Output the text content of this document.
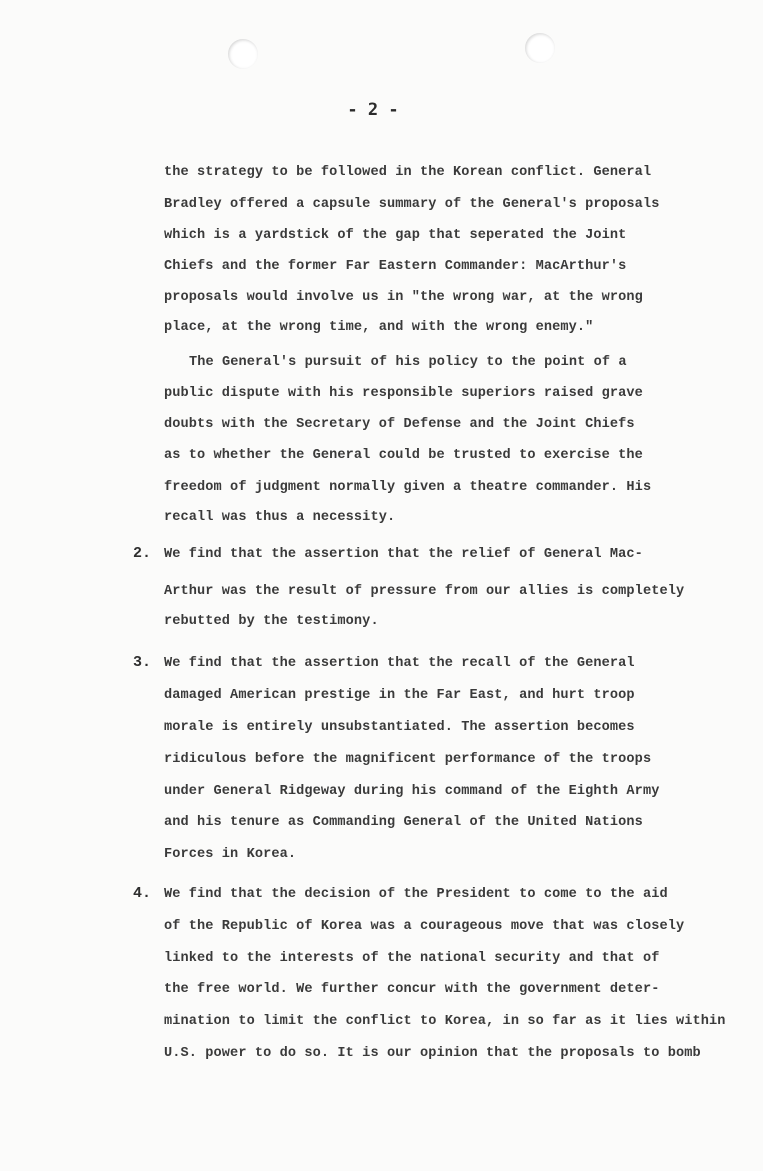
- 2 -
the strategy to be followed in the Korean conflict. General
Bradley offered a capsule summary of the General's proposals
which is a yardstick of the gap that seperated the Joint
Chiefs and the former Far Eastern Commander: MacArthur's
proposals would involve us in "the wrong war, at the wrong
place, at the wrong time, and with the wrong enemy."
The General's pursuit of his policy to the point of a
public dispute with his responsible superiors raised grave
doubts with the Secretary of Defense and the Joint Chiefs
as to whether the General could be trusted to exercise the
freedom of judgment normally given a theatre commander. His
recall was thus a necessity.
2. We find that the assertion that the relief of General Mac-
Arthur was the result of pressure from our allies is completely
rebutted by the testimony.
3. We find that the assertion that the recall of the General
damaged American prestige in the Far East, and hurt troop
morale is entirely unsubstantiated. The assertion becomes
ridiculous before the magnificent performance of the troops
under General Ridgeway during his command of the Eighth Army
and his tenure as Commanding General of the United Nations
Forces in Korea.
4. We find that the decision of the President to come to the aid
of the Republic of Korea was a courageous move that was closely
linked to the interests of the national security and that of
the free world. We further concur with the government deter-
mination to limit the conflict to Korea, in so far as it lies within
U.S. power to do so. It is our opinion that the proposals to bomb
